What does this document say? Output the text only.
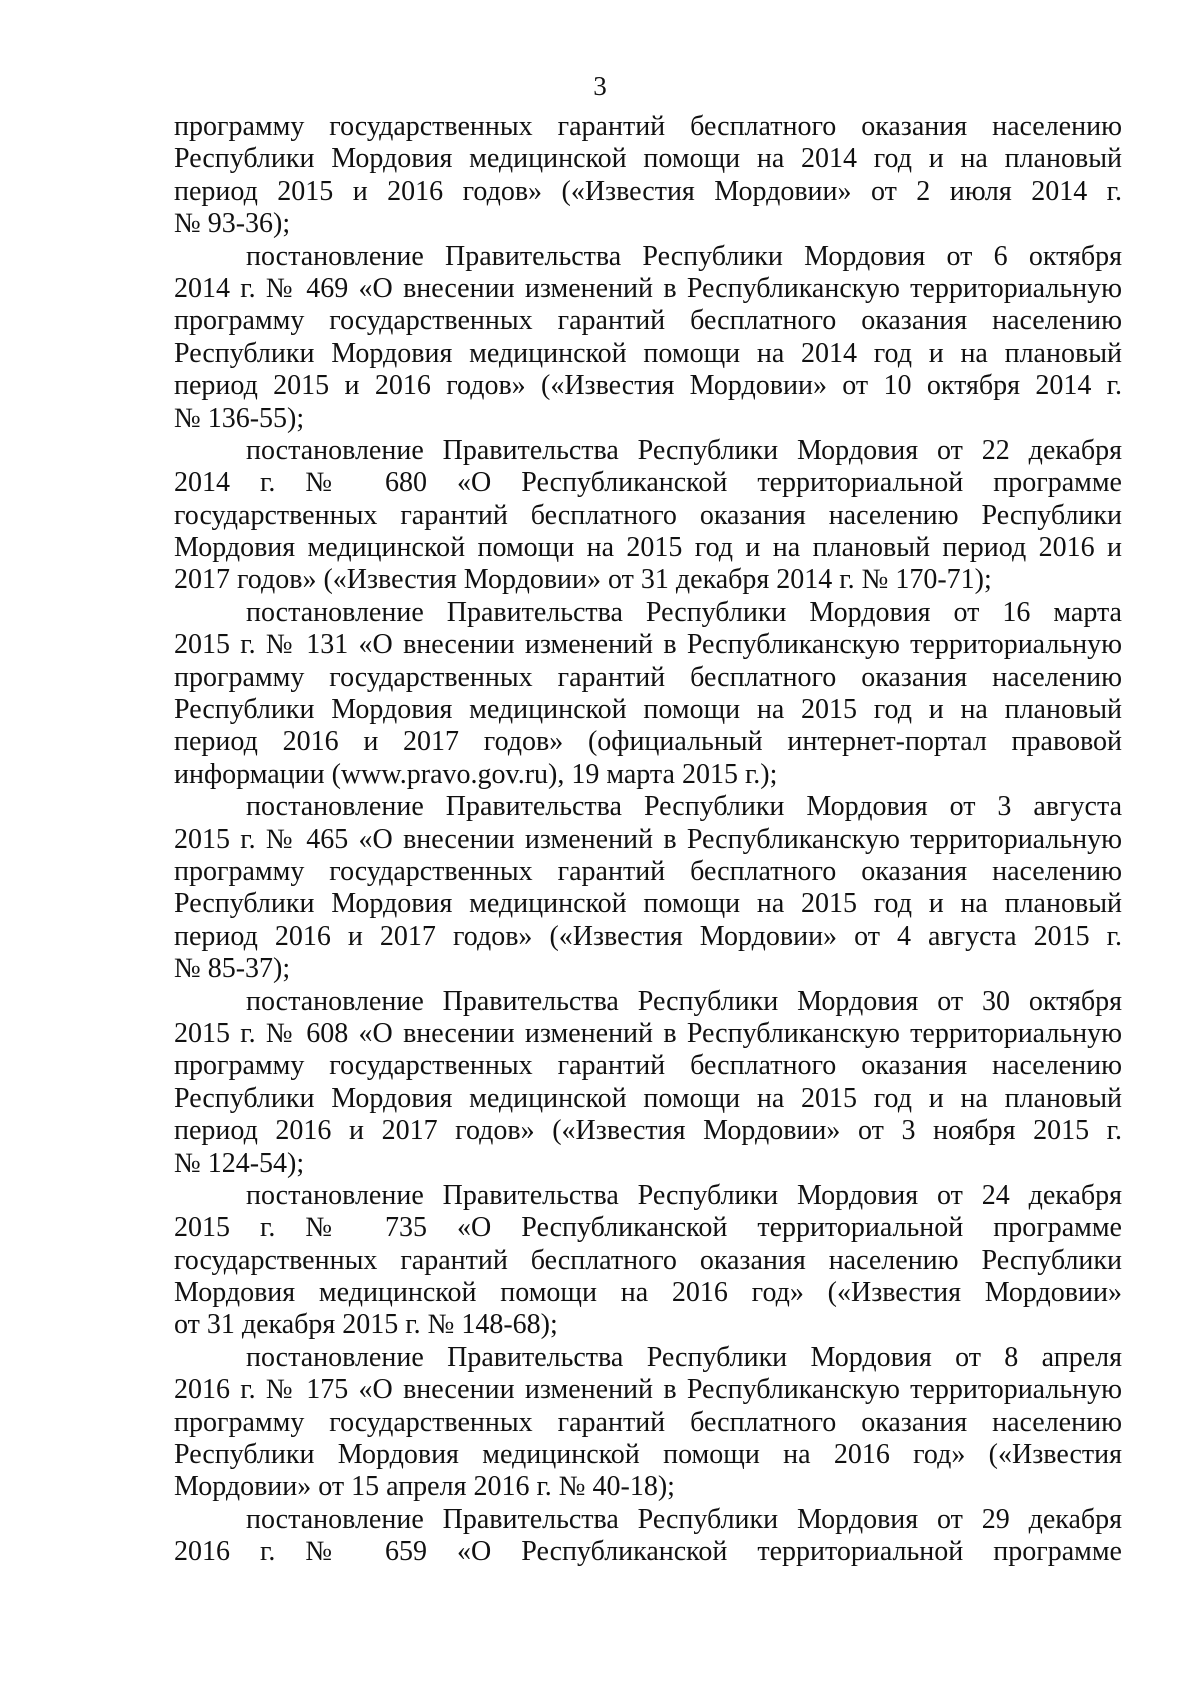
3
программу государственных гарантий бесплатного оказания населению
Республики Мордовия медицинской помощи на 2014 год и на плановый
период 2015 и 2016 годов» («Известия Мордовии» от 2 июля 2014 г.
№ 93-36);
постановление Правительства Республики Мордовия от 6 октября
2014 г. № 469 «О внесении изменений в Республиканскую территориальную
программу государственных гарантий бесплатного оказания населению
Республики Мордовия медицинской помощи на 2014 год и на плановый
период 2015 и 2016 годов» («Известия Мордовии» от 10 октября 2014 г.
№ 136-55);
постановление Правительства Республики Мордовия от 22 декабря
2014 г. № 680 «О Республиканской территориальной программе
государственных гарантий бесплатного оказания населению Республики
Мордовия медицинской помощи на 2015 год и на плановый период 2016 и
2017 годов» («Известия Мордовии» от 31 декабря 2014 г. № 170-71);
постановление Правительства Республики Мордовия от 16 марта
2015 г. № 131 «О внесении изменений в Республиканскую территориальную
программу государственных гарантий бесплатного оказания населению
Республики Мордовия медицинской помощи на 2015 год и на плановый
период 2016 и 2017 годов» (официальный интернет-портал правовой
информации (www.pravo.gov.ru), 19 марта 2015 г.);
постановление Правительства Республики Мордовия от 3 августа
2015 г. № 465 «О внесении изменений в Республиканскую территориальную
программу государственных гарантий бесплатного оказания населению
Республики Мордовия медицинской помощи на 2015 год и на плановый
период 2016 и 2017 годов» («Известия Мордовии» от 4 августа 2015 г.
№ 85-37);
постановление Правительства Республики Мордовия от 30 октября
2015 г. № 608 «О внесении изменений в Республиканскую территориальную
программу государственных гарантий бесплатного оказания населению
Республики Мордовия медицинской помощи на 2015 год и на плановый
период 2016 и 2017 годов» («Известия Мордовии» от 3 ноября 2015 г.
№ 124-54);
постановление Правительства Республики Мордовия от 24 декабря
2015 г. № 735 «О Республиканской территориальной программе
государственных гарантий бесплатного оказания населению Республики
Мордовия медицинской помощи на 2016 год» («Известия Мордовии»
от 31 декабря 2015 г. № 148-68);
постановление Правительства Республики Мордовия от 8 апреля
2016 г. № 175 «О внесении изменений в Республиканскую территориальную
программу государственных гарантий бесплатного оказания населению
Республики Мордовия медицинской помощи на 2016 год» («Известия
Мордовии» от 15 апреля 2016 г. № 40-18);
постановление Правительства Республики Мордовия от 29 декабря
2016 г. № 659 «О Республиканской территориальной программе
